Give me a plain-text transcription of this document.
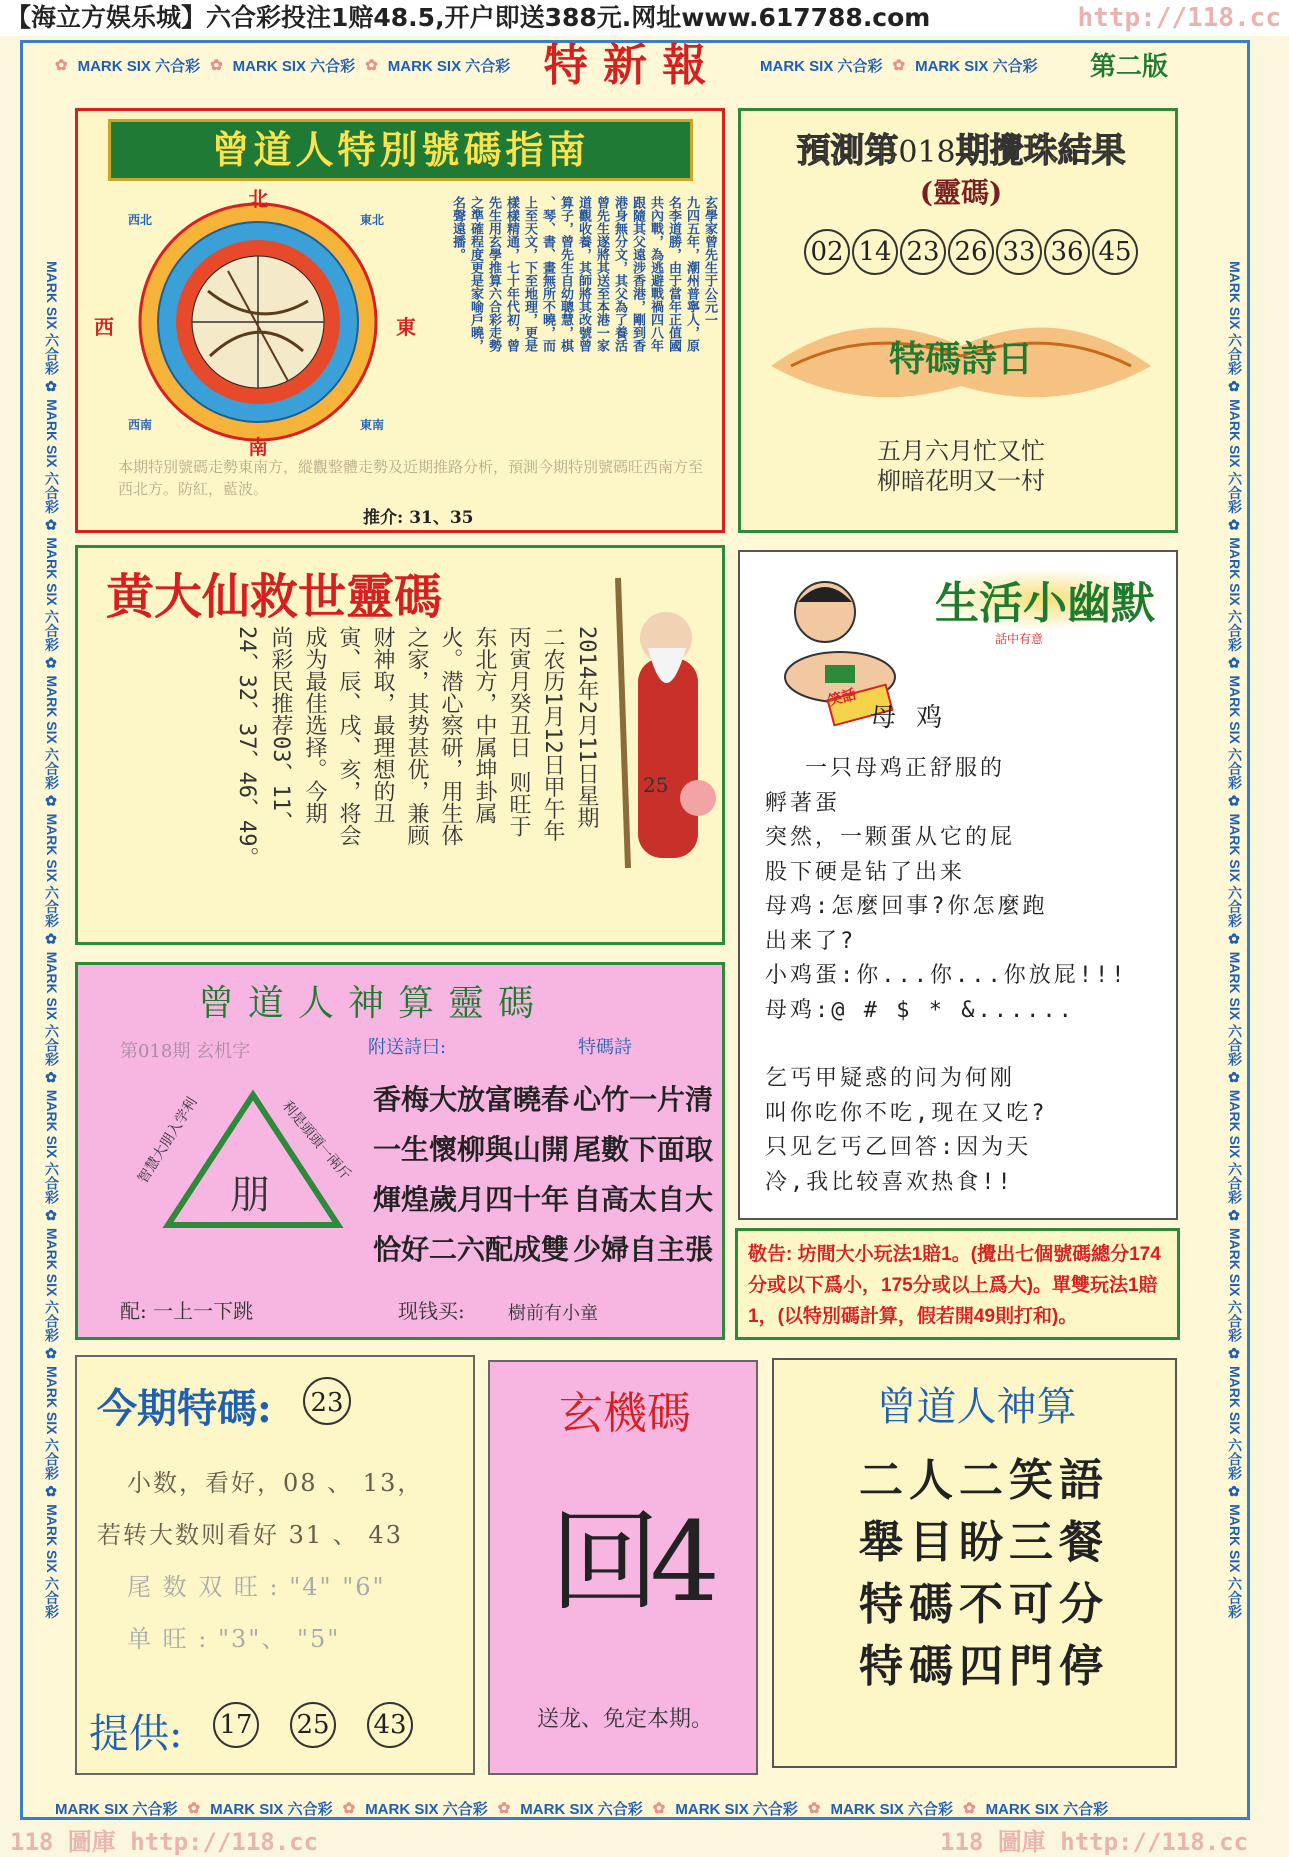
【海立方娱乐城】六合彩投注1赔48.5,开户即送388元.网址www.617788.com	http://118.cc
✿ MARK SIX 六合彩 ✿ MARK SIX 六合彩 ✿ MARK SIX 六合彩 特 新 報	MARK SIX 六合彩 ✿ MARK SIX 六合彩 第二版
MARK SIX 六合彩 ✿ MARK SIX 六合彩 ✿ MARK SIX 六合彩 ✿ MARK SIX 六合彩 ✿ MARK SIX 六合彩 ✿ MARK SIX 六合彩 ✿ MARK SIX 六合彩 ✿ MARK SIX 六合彩 ✿ MARK SIX 六合彩 ✿ MARK SIX 六合彩
MARK SIX 六合彩 ✿ MARK SIX 六合彩 ✿ MARK SIX 六合彩 ✿ MARK SIX 六合彩 ✿ MARK SIX 六合彩 ✿ MARK SIX 六合彩 ✿ MARK SIX 六合彩 ✿ MARK SIX 六合彩 ✿ MARK SIX 六合彩 ✿ MARK SIX 六合彩
曾道人特別號碼指南
北
南
西	東
西北	東北
西南	東南
玄學家曾先生于公元一
九四五年，潮州普寧人，原
名李道勝，由于當年正值國
共內戰，為逃避戰禍四八年
跟隨其父遠涉香港，剛到香
港身無分文，其父為了養活
曾先生遂將其送至本港一家
道觀收養，其師將其改號曾
算子，曾先生自幼聰慧，棋
、琴、書、畫無所不曉，而
上至天文，下至地理，更是
樣樣精通，七十年代初，曾
先生用玄學推算六合彩走勢
之準確程度更是家喻戶曉，
名聲遠播。
本期特別號碼走勢東南方，縱觀整體走勢及近期推路分析，預測今期特別號碼旺西南方至西北方。防紅，藍波。
推介: 31、35
預測第018期攪珠結果
(靈碼)
02 14 23 26 33 36 45
特碼詩日
五月六月忙又忙
柳暗花明又一村
黄大仙救世靈碼
2014年2月11日星期
二农历1月12日甲午年
丙寅月癸丑日 则旺于
东北方，中属坤卦属
火。潜心察研，用生体
之家，其势甚优，兼顾
财神取，最理想的丑
寅、辰、戌、亥，将会
成为最佳选择。今期
尚彩民推荐03、11、
24、32、37、46、49。	25
笑話
生活小幽默
話中有意
母 鸡
一只母鸡正舒服的
孵著蛋
突然，一颗蛋从它的屁
股下硬是钻了出来
母鸡:怎麼回事?你怎麼跑
出来了?
小鸡蛋:你...你...你放屁!!!
母鸡:@ # $ * &......
乞丐甲疑惑的问为何刚
叫你吃你不吃,现在又吃?
只见乞丐乙回答:因为天
冷,我比较喜欢热食!!
曾道人神算靈碼
第018期 玄机字	附送詩曰:	特碼詩
朋
智慧大朋入学利	利是頭頭一兩斤 香梅大放富曉春
一生懷柳與山開
煇煌歲月四十年
恰好二六配成雙
心竹一片清
尾數下面取
自高太自大
少婦自主張
配: 一上一下跳	现钱买: 樹前有小童
敬告: 坊間大小玩法1賠1。(攪出七個號碼總分174分或以下爲小，175分或以上爲大)。單雙玩法1賠1，(以特別碼計算，假若開49則打和)。
今期特碼: 23
小数，看好，08 、 13，
若转大数则看好 31 、 43
尾 数 双 旺 : "4" "6"
单 旺 : "3"、 "5"
提供: 17 25 43
玄機碼
回4
送龙、免定本期。
曾道人神算
二人二笑語
舉目盼三餐
特碼不可分
特碼四門停
MARK SIX 六合彩 ✿ MARK SIX 六合彩 ✿ MARK SIX 六合彩 ✿ MARK SIX 六合彩 ✿ MARK SIX 六合彩 ✿ MARK SIX 六合彩 ✿ MARK SIX 六合彩
118 圖庫 http://118.cc	118 圖庫 http://118.cc
